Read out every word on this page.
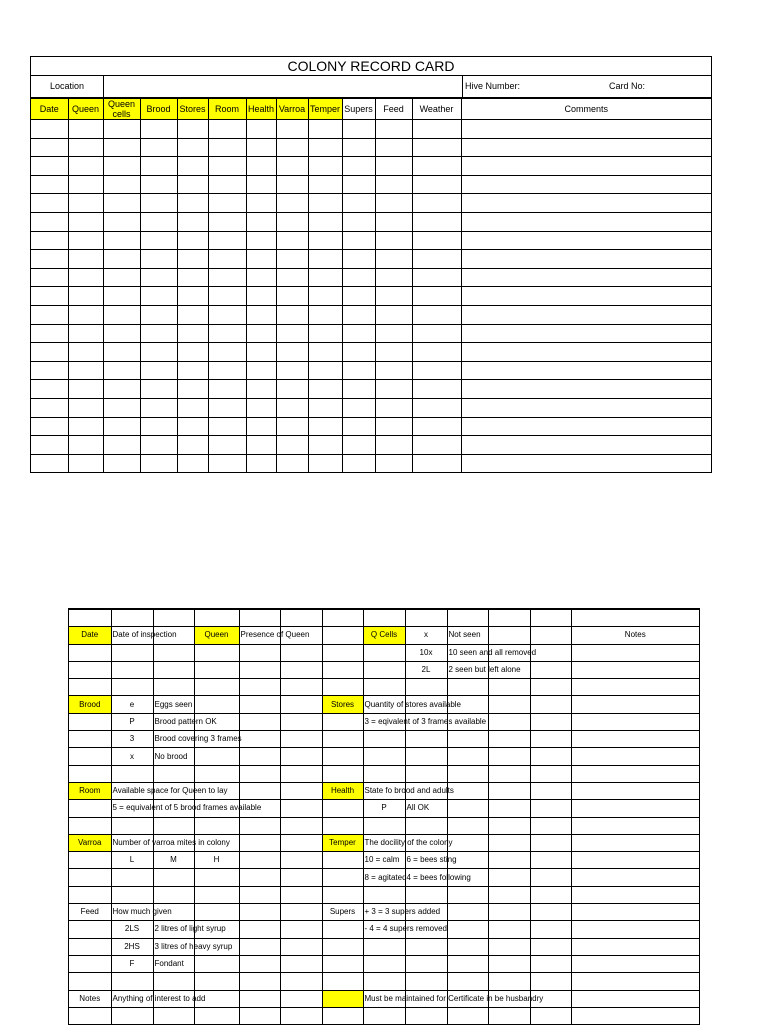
COLONY RECORD CARD
Location	Hive Number:	Card No:
Date	Queen	Queen cells	Brood	Stores	Room	Health	Varroa	Temper	Supers	Feed	Weather	Comments

Date	Date of inspection		Queen	Presence of Queen			Q Cells	x	Not seen			Notes
								10x	10 seen and all removed			
								2L	2 seen but left alone			

Brood	e	Eggs seen				Stores	Quantity of stores available					
	P	Brood pattern OK					3 = eqivalent of 3 frames available					
	3	Brood covering 3 frames										
	x	No brood										

Room	Available space for Queen to lay					Health	State fo brood and adults					
	5 = equivalent of 5 brood frames available						P	All OK				

Varroa	Number of varroa mites in colony					Temper	The docility of the colony					
	L	M	H				10 = calm	6 = bees sting				
							8 = agitated	4 = bees following				

Feed	How much given					Supers	+ 3 = 3 supers added					
	2LS	2 litres of light syrup					- 4 = 4 supers removed					
	2HS	3 litres of heavy syrup										
	F	Fondant										

Notes	Anything of interest to add						Must be maintained for Certificate in be husbandry					
